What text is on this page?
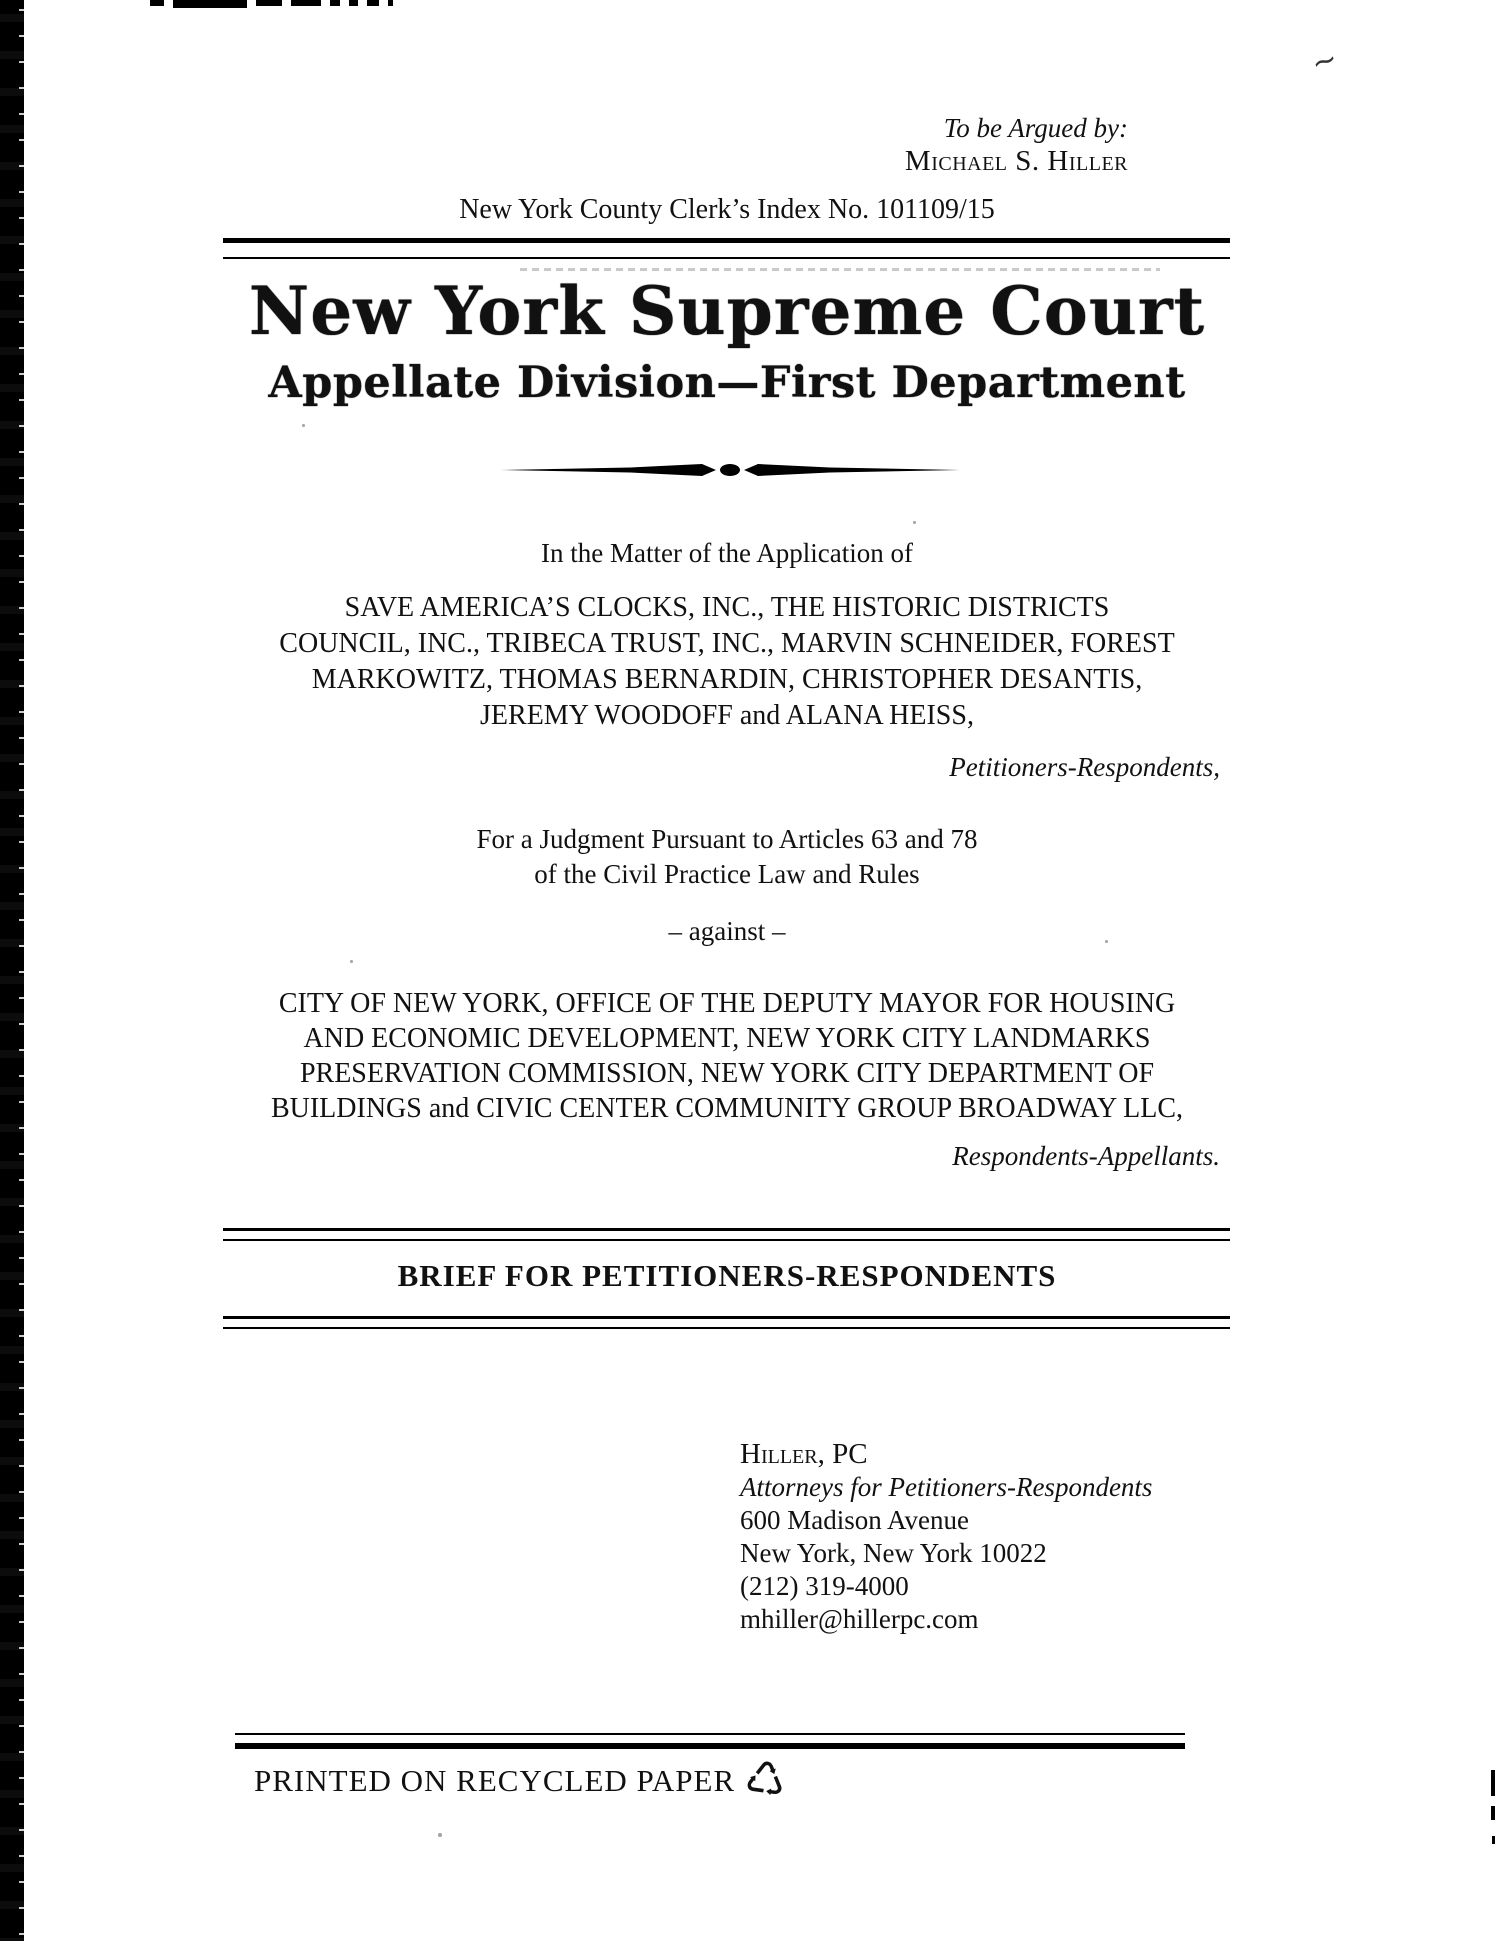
~
To be Argued by:
Michael S. Hiller
New York County Clerk’s Index No. 101109/15
New York Supreme Court
Appellate Division—First Department
In the Matter of the Application of
SAVE AMERICA’S CLOCKS, INC., THE HISTORIC DISTRICTS
COUNCIL, INC., TRIBECA TRUST, INC., MARVIN SCHNEIDER, FOREST
MARKOWITZ, THOMAS BERNARDIN, CHRISTOPHER DESANTIS,
JEREMY WOODOFF and ALANA HEISS,
Petitioners-Respondents,
For a Judgment Pursuant to Articles 63 and 78
of the Civil Practice Law and Rules
– against –
CITY OF NEW YORK, OFFICE OF THE DEPUTY MAYOR FOR HOUSING
AND ECONOMIC DEVELOPMENT, NEW YORK CITY LANDMARKS
PRESERVATION COMMISSION, NEW YORK CITY DEPARTMENT OF
BUILDINGS and CIVIC CENTER COMMUNITY GROUP BROADWAY LLC,
Respondents-Appellants.
BRIEF FOR PETITIONERS-RESPONDENTS
Hiller, PC
Attorneys for Petitioners-Respondents
600 Madison Avenue
New York, New York 10022
(212) 319-4000
mhiller@hillerpc.com
PRINTED ON RECYCLED PAPER ♺
